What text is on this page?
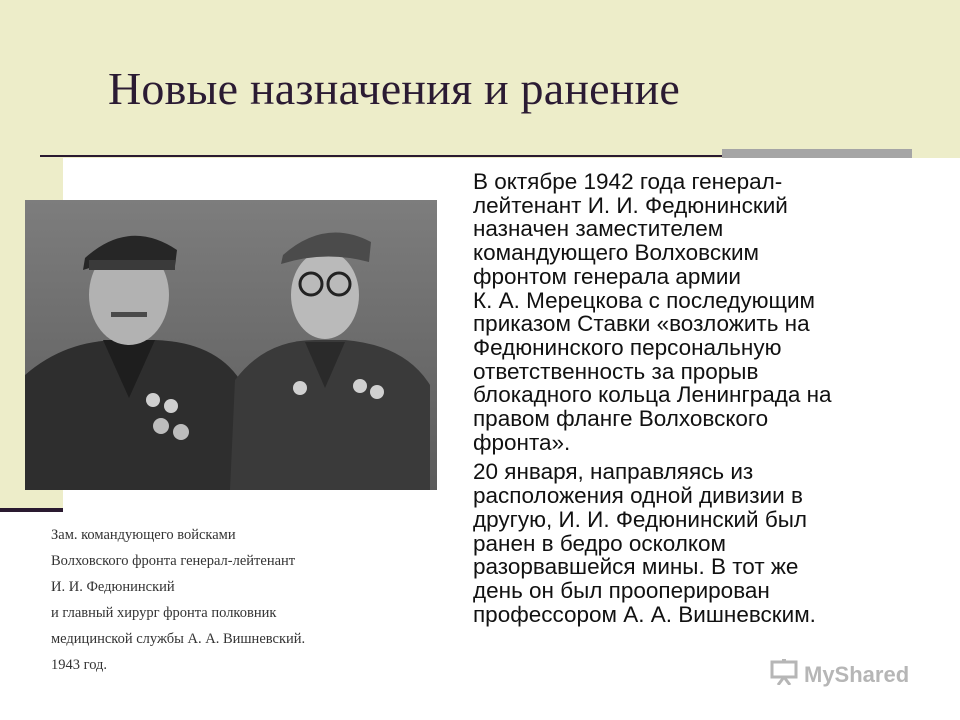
Новые назначения и ранение
Зам. командующего войсками
Волховского фронта генерал-лейтенант
И. И. Федюнинский
и главный хирург фронта полковник
медицинской службы А. А. Вишневский.
1943 год.
В октябре 1942 года генерал-
лейтенант И. И. Федюнинский
назначен заместителем
командующего Волховским
фронтом генерала армии
К. А. Мерецкова с последующим
приказом Ставки «возложить на
Федюнинского персональную
ответственность за прорыв
блокадного кольца Ленинграда на
правом фланге Волховского
фронта».
20 января, направляясь из
расположения одной дивизии в
другую, И. И. Федюнинский был
ранен в бедро осколком
разорвавшейся мины. В тот же
день он был прооперирован
профессором А. А. Вишневским.
MyShared
